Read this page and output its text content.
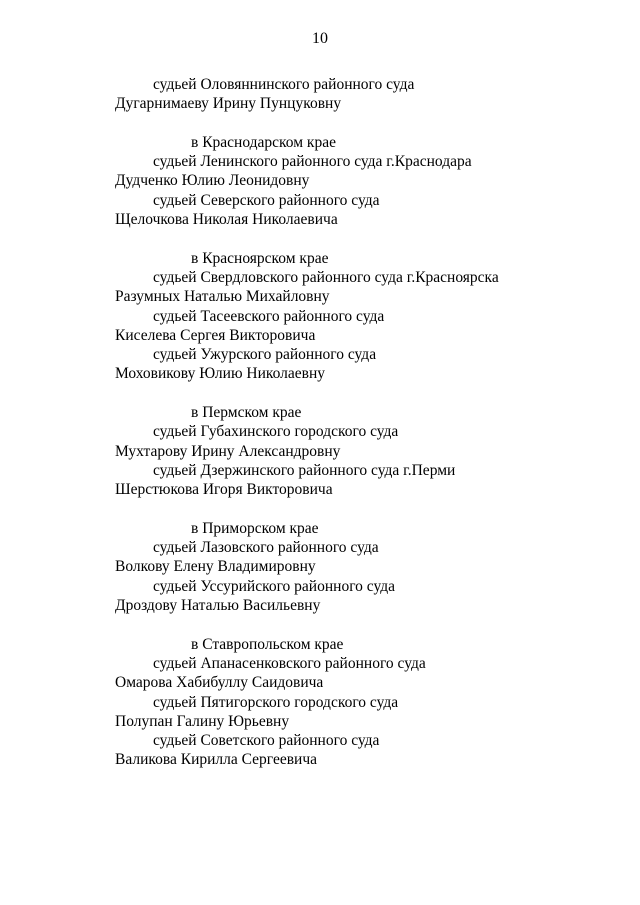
10
судьей Оловяннинского районного суда
Дугарнимаеву Ирину Пунцуковну
в Краснодарском крае
судьей Ленинского районного суда г.Краснодара
Дудченко Юлию Леонидовну
судьей Северского районного суда
Щелочкова Николая Николаевича
в Красноярском крае
судьей Свердловского районного суда г.Красноярска
Разумных Наталью Михайловну
судьей Тасеевского районного суда
Киселева Сергея Викторовича
судьей Ужурского районного суда
Моховикову Юлию Николаевну
в Пермском крае
судьей Губахинского городского суда
Мухтарову Ирину Александровну
судьей Дзержинского районного суда г.Перми
Шерстюкова Игоря Викторовича
в Приморском крае
судьей Лазовского районного суда
Волкову Елену Владимировну
судьей Уссурийского районного суда
Дроздову Наталью Васильевну
в Ставропольском крае
судьей Апанасенковского районного суда
Омарова Хабибуллу Саидовича
судьей Пятигорского городского суда
Полупан Галину Юрьевну
судьей Советского районного суда
Валикова Кирилла Сергеевича
